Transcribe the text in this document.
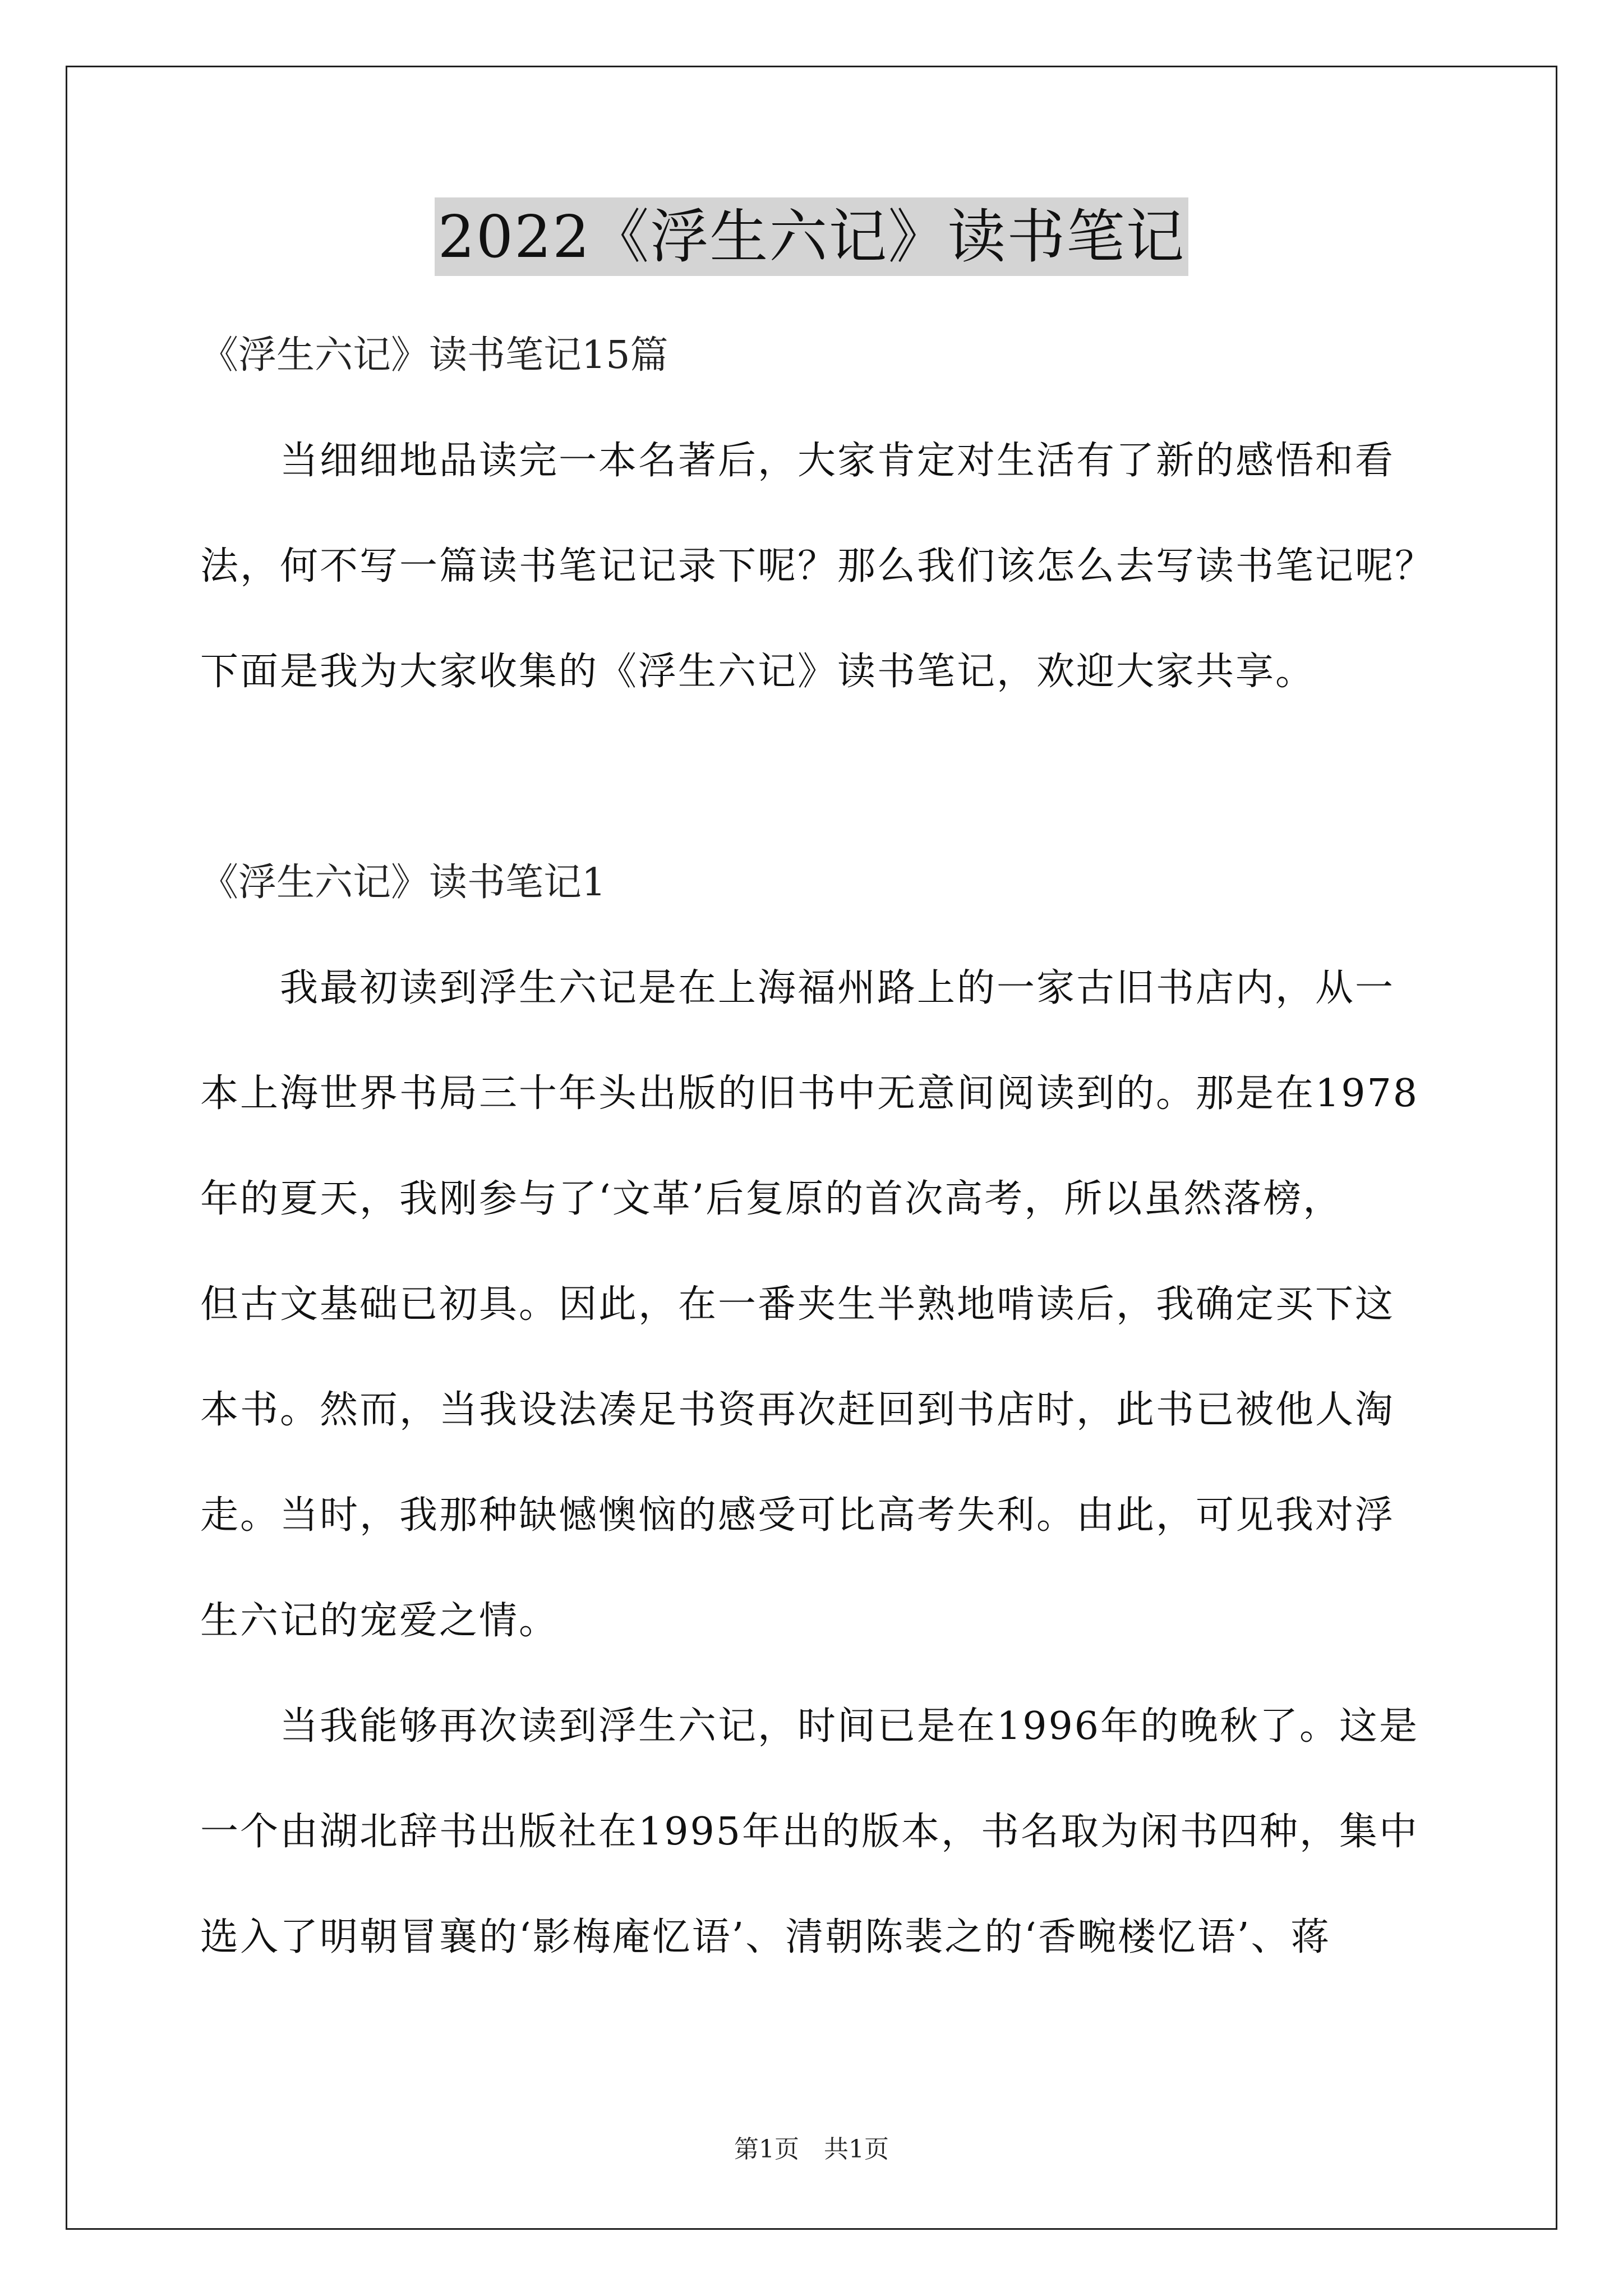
2022《浮生六记》读书笔记
《浮生六记》读书笔记15篇
　　当细细地品读完一本名著后，大家肯定对生活有了新的感悟和看
法，何不写一篇读书笔记记录下呢？那么我们该怎么去写读书笔记呢？
下面是我为大家收集的《浮生六记》读书笔记，欢迎大家共享。
《浮生六记》读书笔记1
　　我最初读到浮生六记是在上海福州路上的一家古旧书店内，从一
本上海世界书局三十年头出版的旧书中无意间阅读到的。那是在1978
年的夏天，我刚参与了‘文革’后复原的首次高考，所以虽然落榜，
但古文基础已初具。因此，在一番夹生半熟地啃读后，我确定买下这
本书。然而，当我设法凑足书资再次赶回到书店时，此书已被他人淘
走。当时，我那种缺憾懊恼的感受可比高考失利。由此，可见我对浮
生六记的宠爱之情。
　　当我能够再次读到浮生六记，时间已是在1996年的晚秋了。这是
一个由湖北辞书出版社在1995年出的版本，书名取为闲书四种，集中
选入了明朝冒襄的‘影梅庵忆语’、清朝陈裴之的‘香畹楼忆语’、蒋
第1页　共1页
